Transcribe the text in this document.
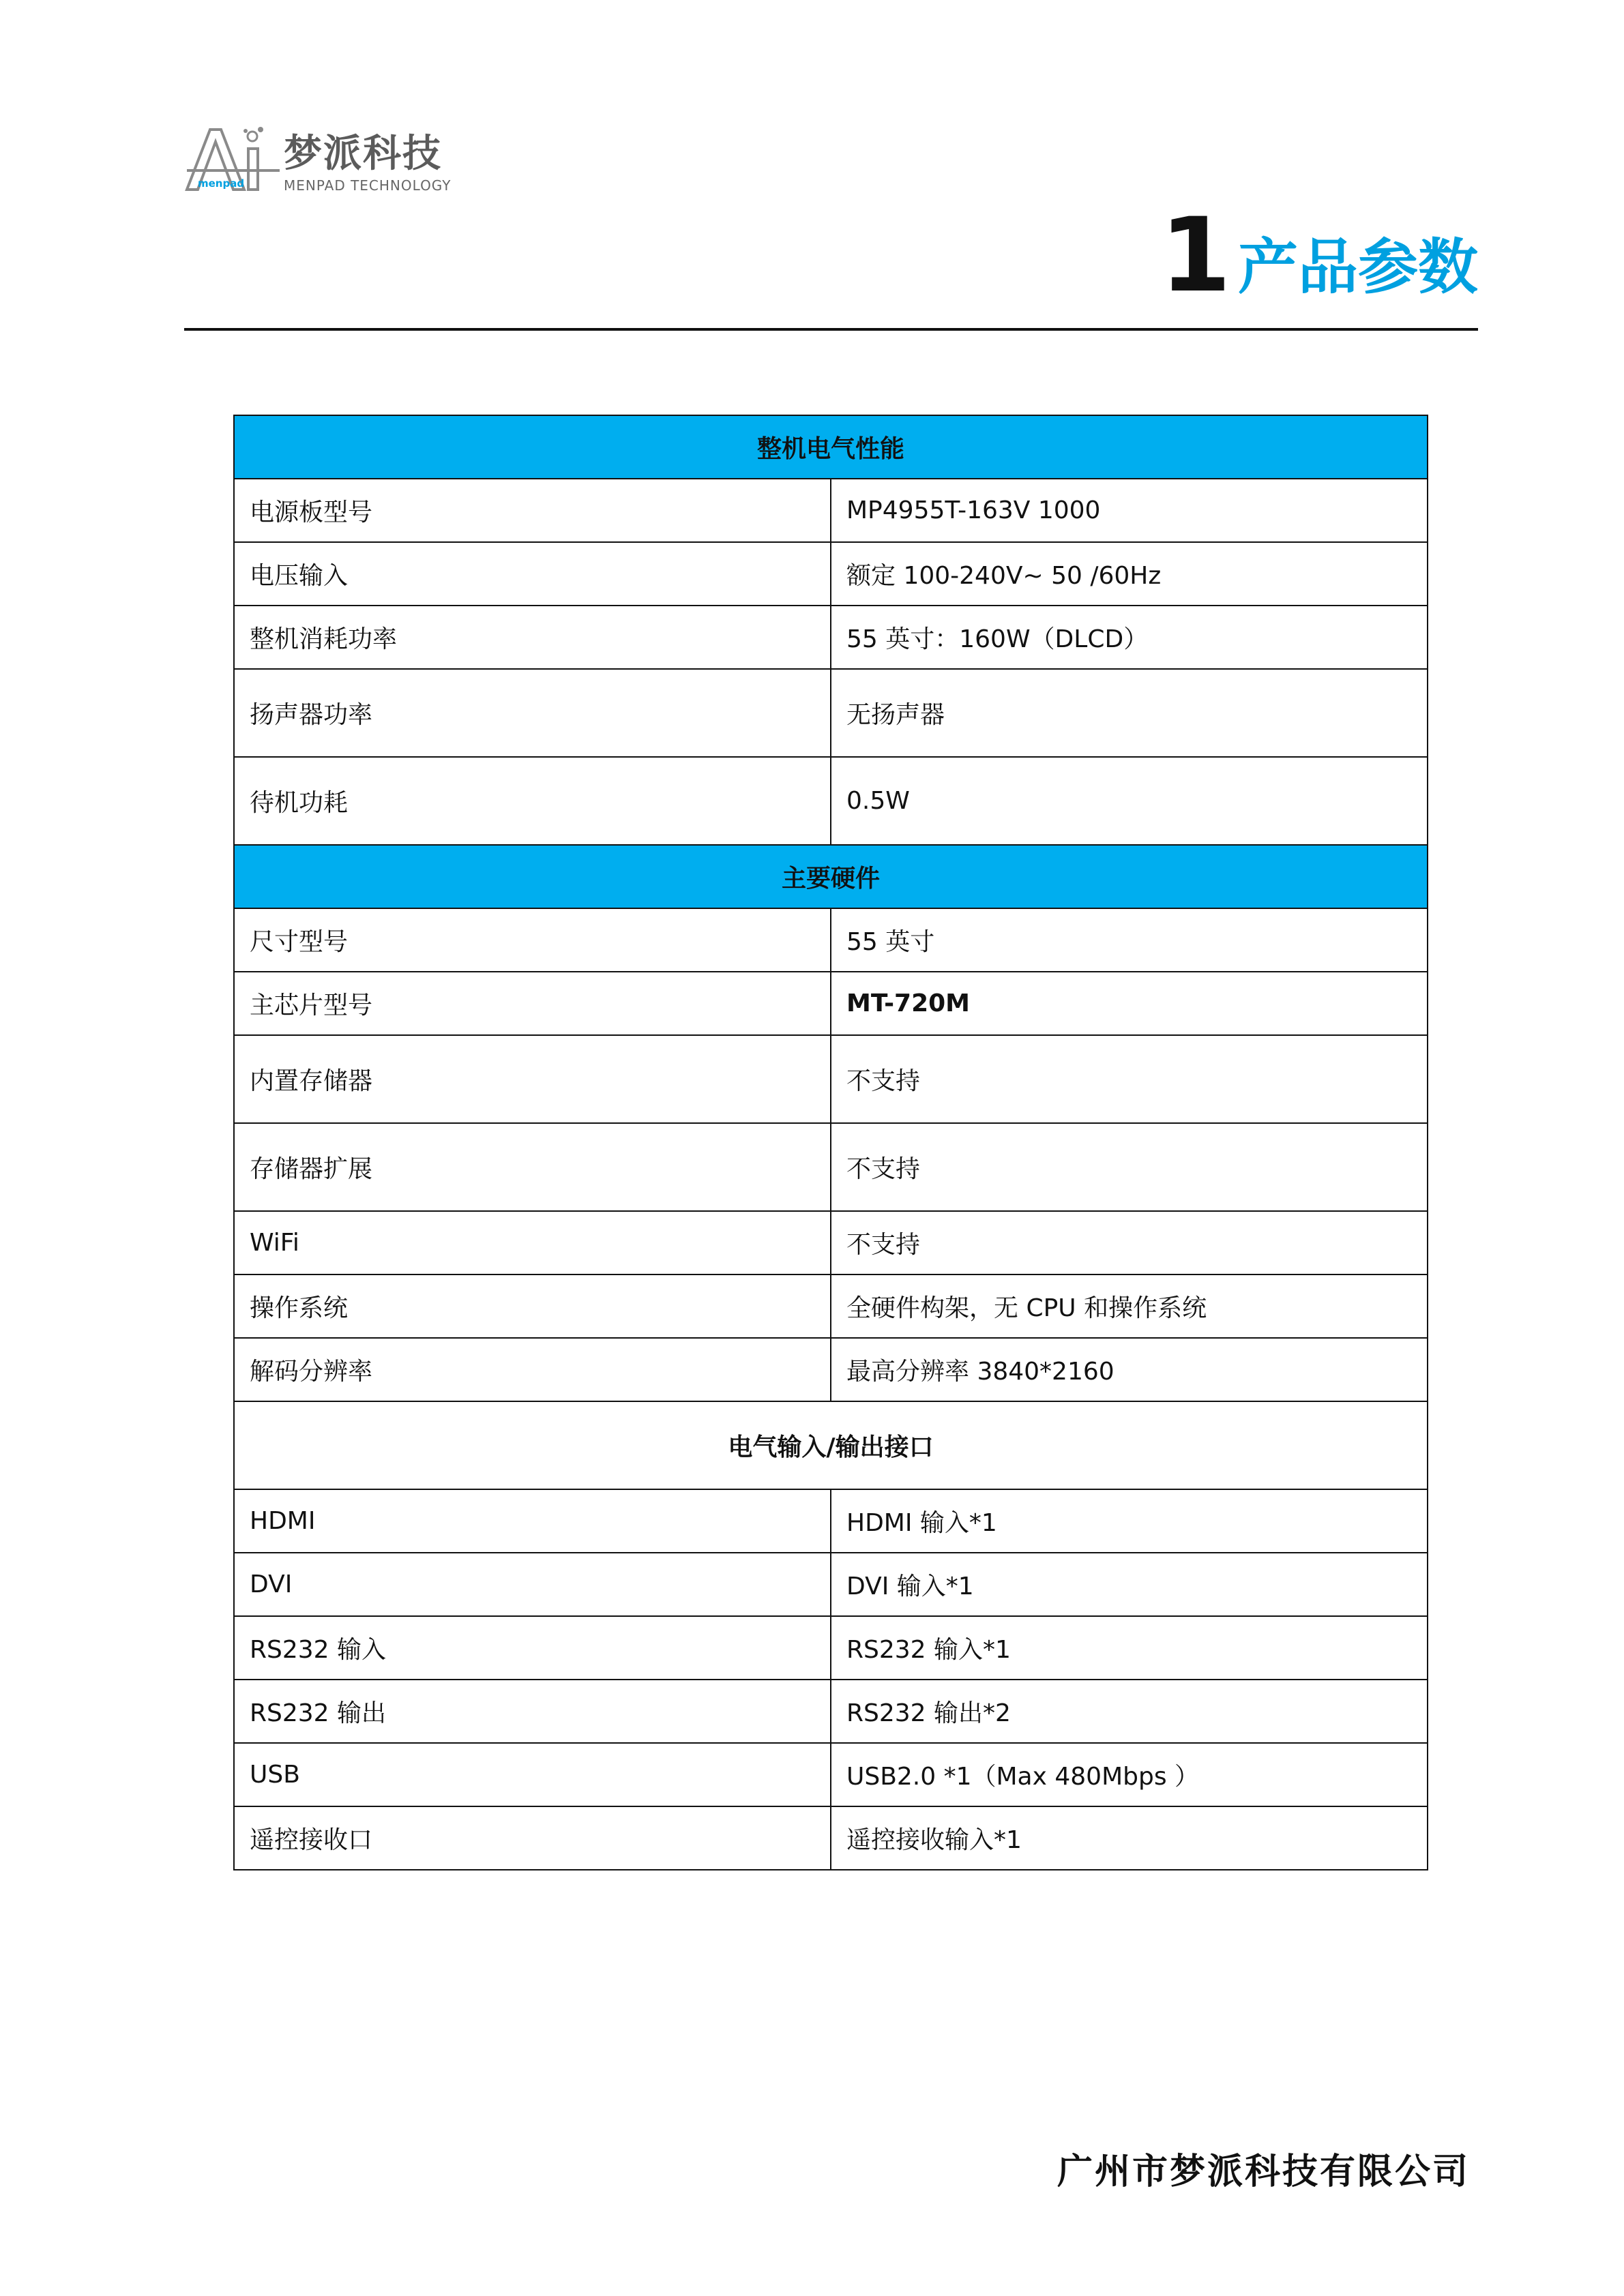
menpad
梦派科技
MENPAD TECHNOLOGY
1 产品参数
整机电气性能	
电源板型号	MP4955T-163V 1000
电压输入	额定 100-240V~ 50 /60Hz
整机消耗功率	55 英寸：160W（DLCD）
扬声器功率	无扬声器
待机功耗	0.5W
主要硬件	
尺寸型号	55 英寸
主芯片型号	MT-720M
内置存储器	不支持
存储器扩展	不支持
WiFi	不支持
操作系统	全硬件构架，无 CPU 和操作系统
解码分辨率	最高分辨率 3840*2160
电气输入/输出接口	
HDMI	HDMI 输入*1
DVI	DVI 输入*1
RS232 输入	RS232 输入*1
RS232 输出	RS232 输出*2
USB	USB2.0 *1（Max 480Mbps ）
遥控接收口	遥控接收输入*1
广州市梦派科技有限公司
